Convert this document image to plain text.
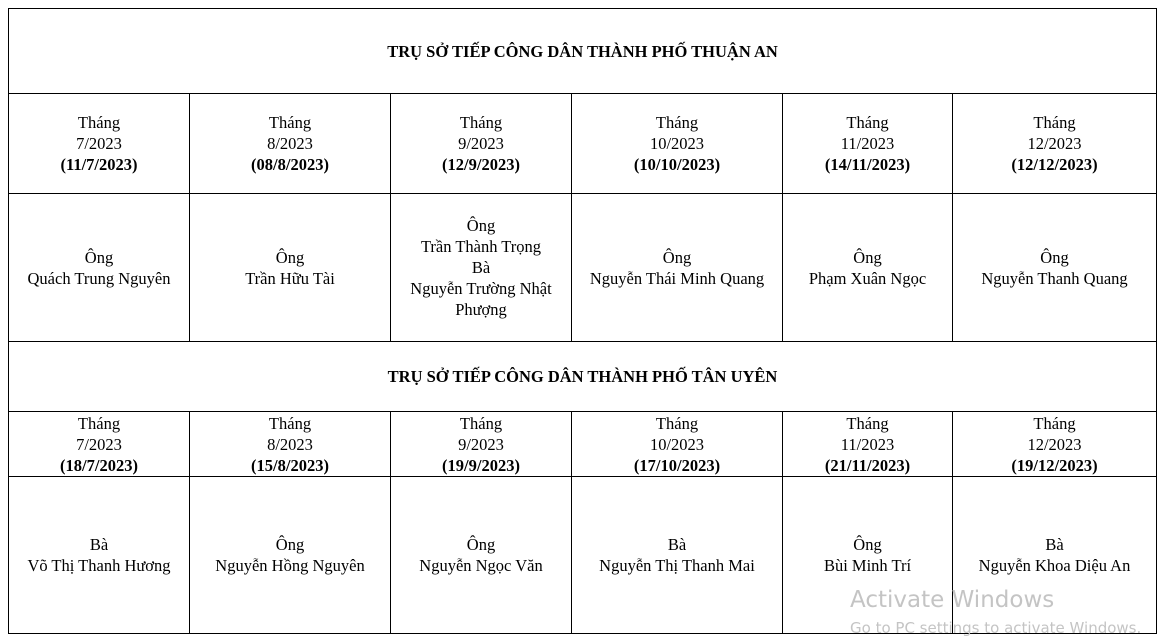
TRỤ SỞ TIẾP CÔNG DÂN THÀNH PHỐ THUẬN AN					

Tháng
7/2023
(11/7/2023)	Tháng
8/2023
(08/8/2023)	Tháng
9/2023
(12/9/2023)	Tháng
10/2023
(10/10/2023)	Tháng
11/2023
(14/11/2023)	Tháng
12/2023
(12/12/2023)

Ông
Quách Trung Nguyên	Ông
Trần Hữu Tài	Ông
Trần Thành Trọng
Bà
Nguyễn Trường Nhật
Phượng	Ông
Nguyễn Thái Minh Quang	Ông
Phạm Xuân Ngọc	Ông
Nguyễn Thanh Quang

TRỤ SỞ TIẾP CÔNG DÂN THÀNH PHỐ TÂN UYÊN					

Tháng
7/2023
(18/7/2023)	Tháng
8/2023
(15/8/2023)	Tháng
9/2023
(19/9/2023)	Tháng
10/2023
(17/10/2023)	Tháng
11/2023
(21/11/2023)	Tháng
12/2023
(19/12/2023)

Bà
Võ Thị Thanh Hương	Ông
Nguyễn Hồng Nguyên	Ông
Nguyễn Ngọc Văn	Bà
Nguyễn Thị Thanh Mai	Ông
Bùi Minh Trí	Bà
Nguyễn Khoa Diệu An
Activate Windows
Go to PC settings to activate Windows.
